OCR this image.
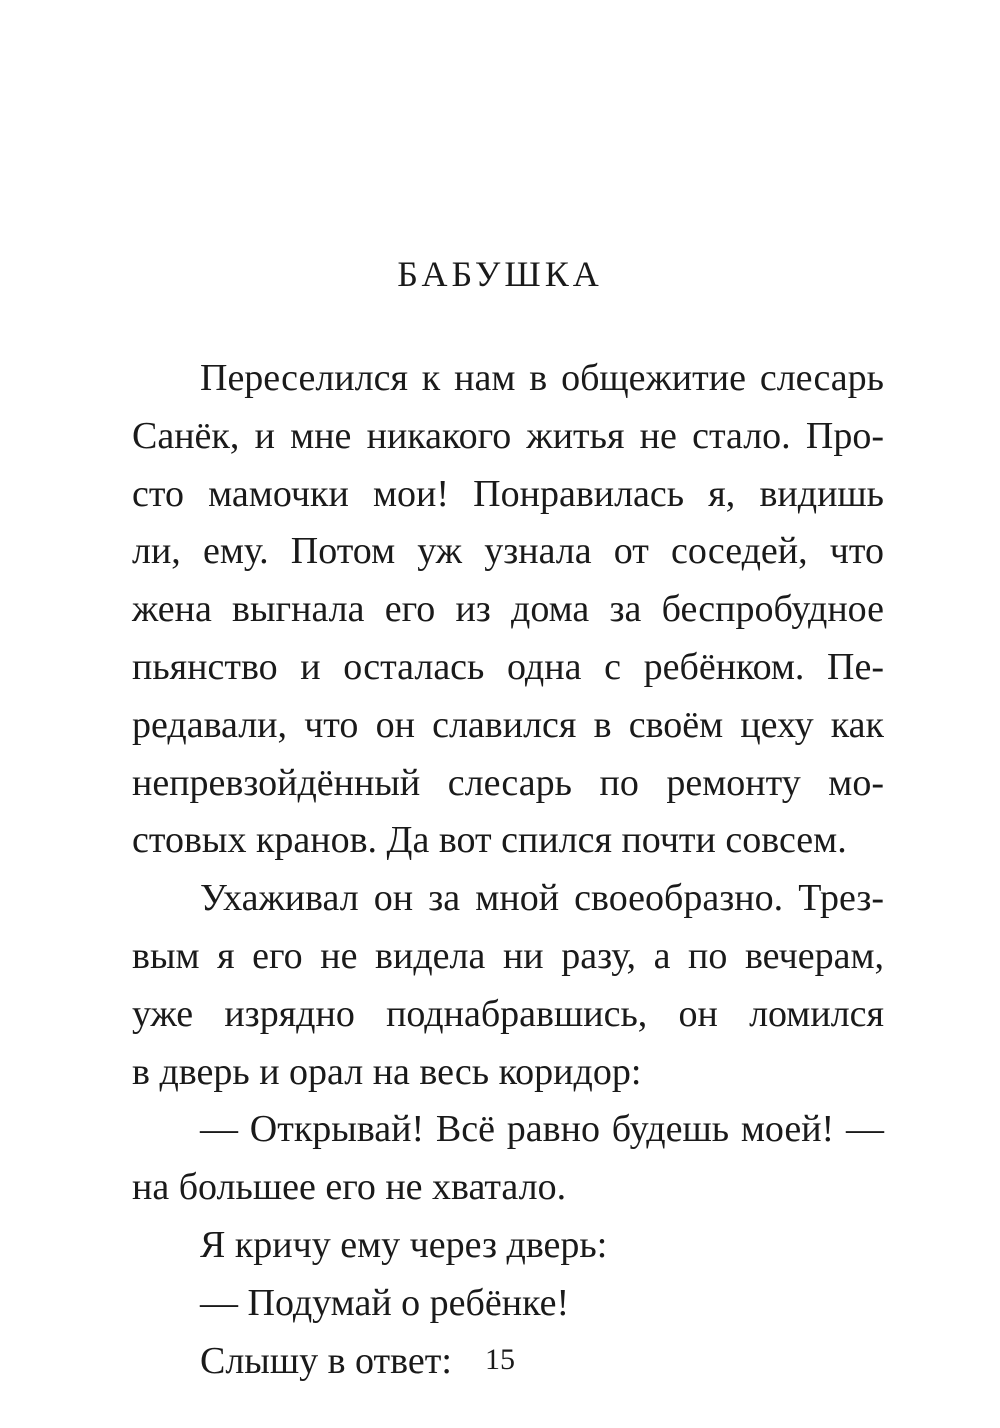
БАБУШКА
Переселился к нам в общежитие слесарь
Санёк, и мне никакого житья не стало. Про-
сто мамочки мои! Понравилась я, видишь
ли, ему. Потом уж узнала от соседей, что
жена выгнала его из дома за беспробудное
пьянство и осталась одна с ребёнком. Пе-
редавали, что он славился в своём цеху как
непревзойдённый слесарь по ремонту мо-
стовых кранов. Да вот спился почти совсем.
Ухаживал он за мной своеобразно. Трез-
вым я его не видела ни разу, а по вечерам,
уже изрядно поднабравшись, он ломился
в дверь и орал на весь коридор:
— Открывай! Всё равно будешь моей! —
на большее его не хватало.
Я кричу ему через дверь:
— Подумай о ребёнке!
Слышу в ответ:	15
